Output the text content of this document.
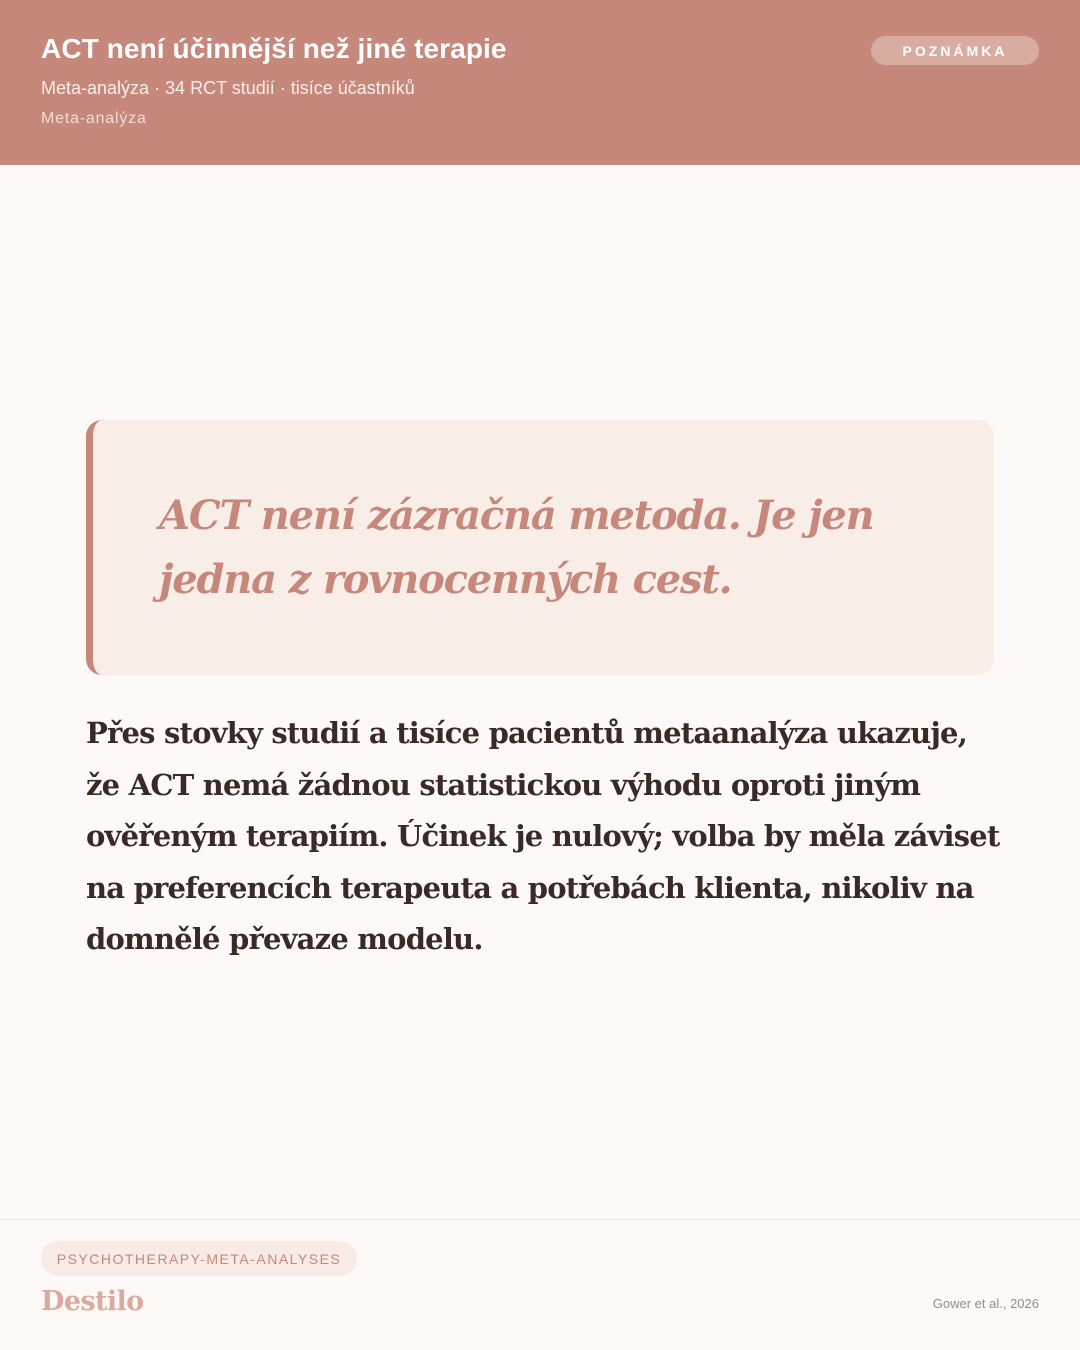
ACT není účinnější než jiné terapie
Meta-analýza · 34 RCT studií · tisíce účastníků
Meta-analýza
POZNÁMKA
ACT není zázračná metoda. Je jen jedna z rovnocenných cest.
Přes stovky studií a tisíce pacientů metaanalýza ukazuje, že ACT nemá žádnou statistickou výhodu oproti jiným ověřeným terapiím. Účinek je nulový; volba by měla záviset na preferencích terapeuta a potřebách klienta, nikoliv na domnělé převaze modelu.
PSYCHOTHERAPY-META-ANALYSES
Destilo	Gower et al., 2026
